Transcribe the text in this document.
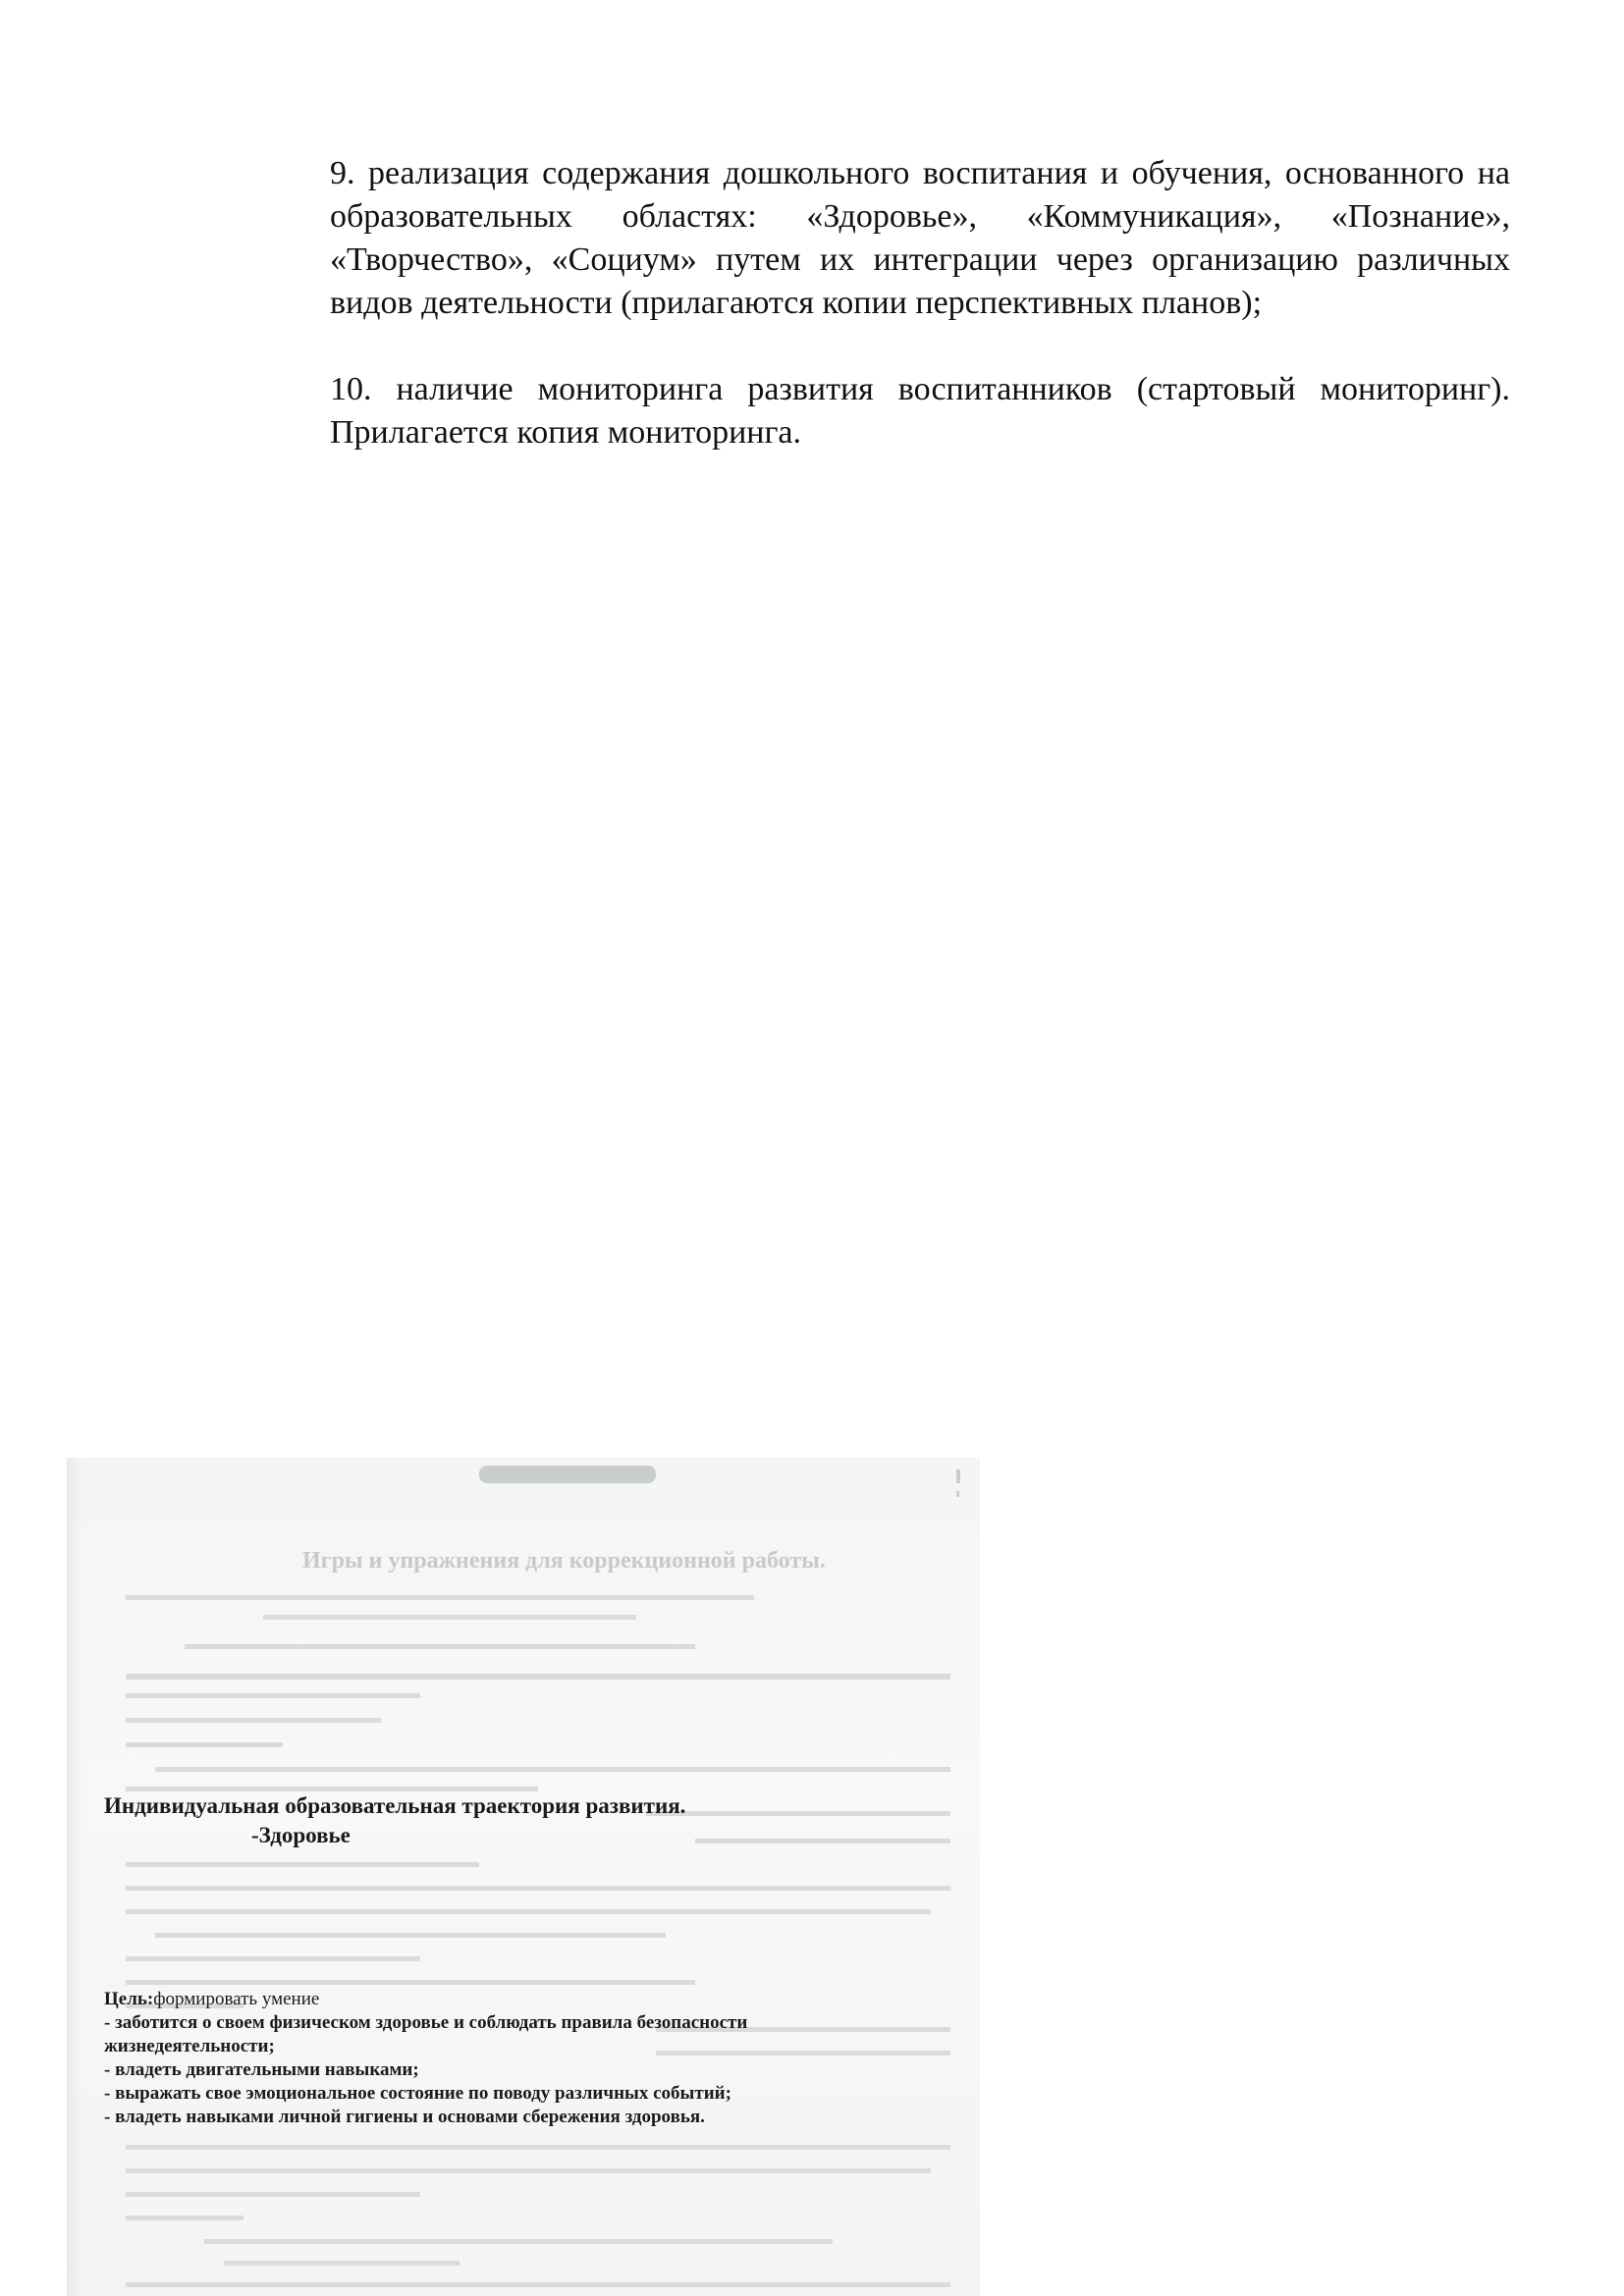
9. реализация содержания дошкольного воспитания и обучения, основанного на образовательных областях: «Здоровье», «Коммуникация», «Познание», «Творчество», «Социум» путем их интеграции через организацию различных видов деятельности (прилагаются копии перспективных планов);

10. наличие мониторинга развития воспитанников (стартовый мониторинг). Прилагается копия мониторинга.

Игры и упражнения для коррекционной работы.
Индивидуальная образовательная траектория развития.
-Здоровье
Цель:формировать умение
- заботится о своем физическом здоровье и соблюдать правила безопасности
жизнедеятельности;
- владеть двигательными навыками;
- выражать свое эмоциональное состояние по поводу различных событий;
- владеть навыками личной гигиены и основами сбережения здоровья.
